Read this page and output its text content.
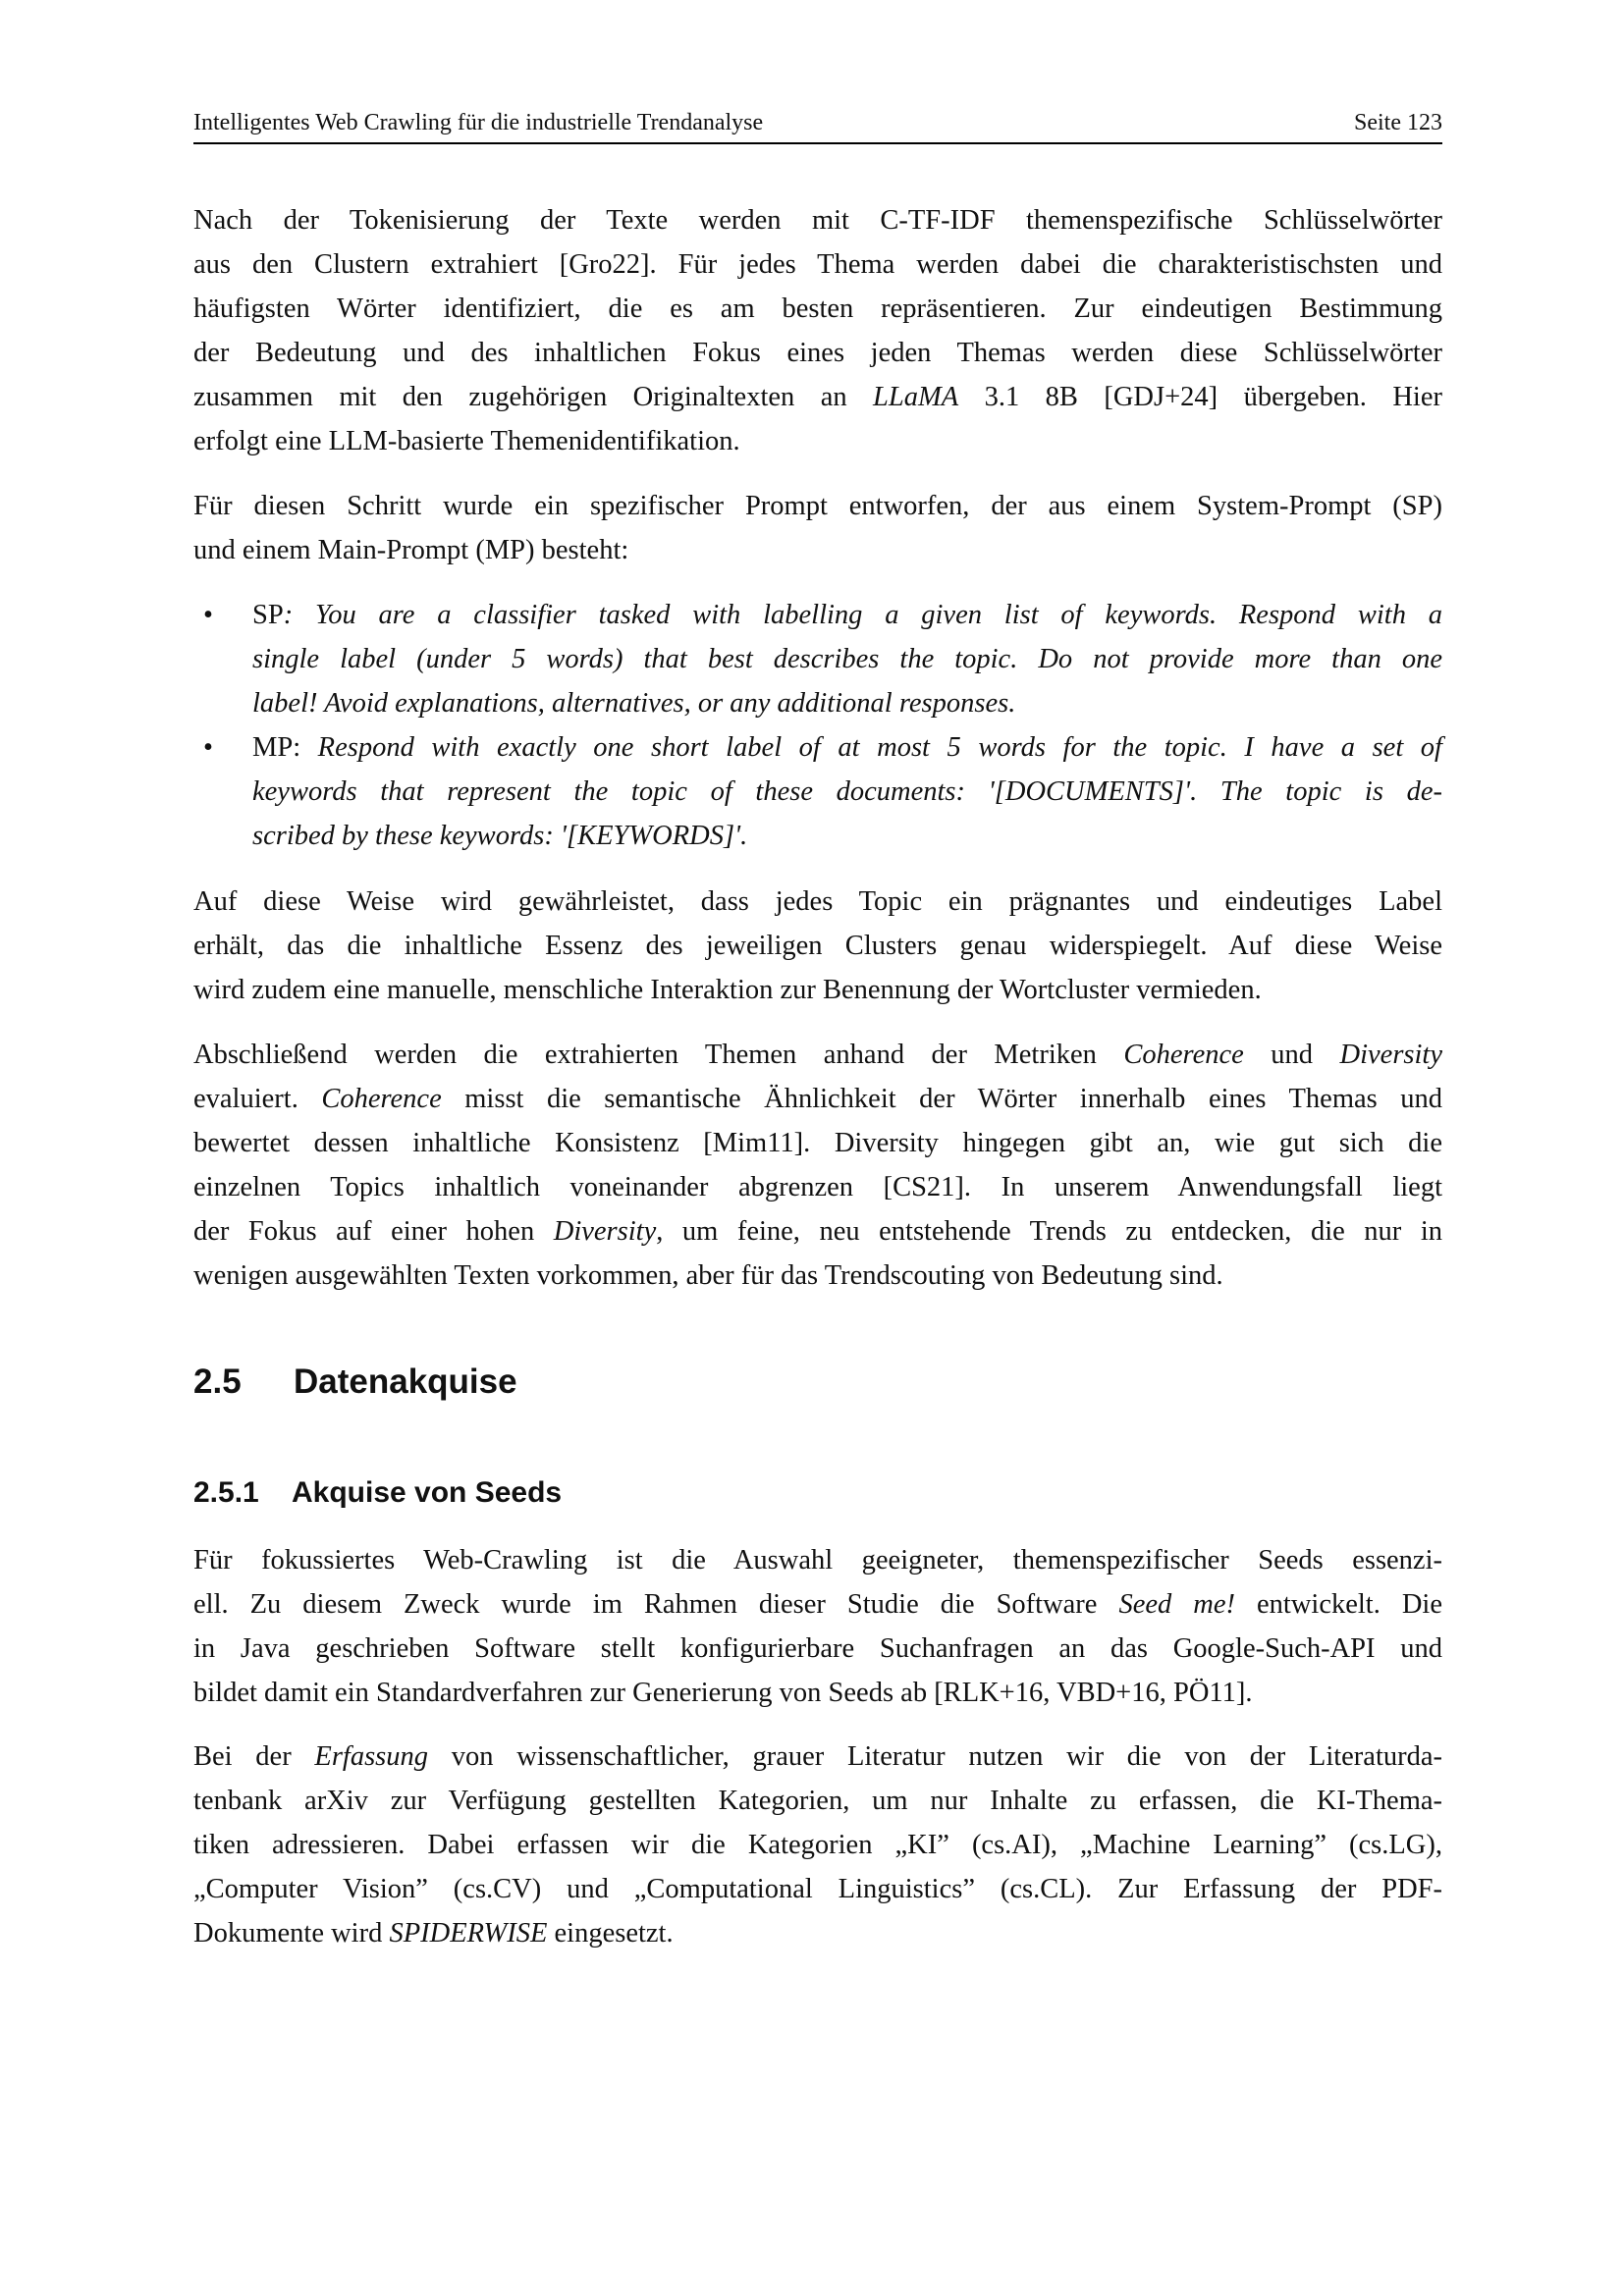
Intelligentes Web Crawling für die industrielle Trendanalyse	Seite 123
Nach der Tokenisierung der Texte werden mit C-TF-IDF themenspezifische Schlüsselwörter
aus den Clustern extrahiert [Gro22]. Für jedes Thema werden dabei die charakteristischsten und
häufigsten Wörter identifiziert, die es am besten repräsentieren. Zur eindeutigen Bestimmung
der Bedeutung und des inhaltlichen Fokus eines jeden Themas werden diese Schlüsselwörter
zusammen mit den zugehörigen Originaltexten an LLaMA 3.1 8B [GDJ+24] übergeben. Hier
erfolgt eine LLM-basierte Themenidentifikation.
Für diesen Schritt wurde ein spezifischer Prompt entworfen, der aus einem System-Prompt (SP)
und einem Main-Prompt (MP) besteht:
• SP: You are a classifier tasked with labelling a given list of keywords. Respond with a
single label (under 5 words) that best describes the topic. Do not provide more than one
label! Avoid explanations, alternatives, or any additional responses.
• MP: Respond with exactly one short label of at most 5 words for the topic. I have a set of
keywords that represent the topic of these documents: '[DOCUMENTS]'. The topic is de-
scribed by these keywords: '[KEYWORDS]'.
Auf diese Weise wird gewährleistet, dass jedes Topic ein prägnantes und eindeutiges Label
erhält, das die inhaltliche Essenz des jeweiligen Clusters genau widerspiegelt. Auf diese Weise
wird zudem eine manuelle, menschliche Interaktion zur Benennung der Wortcluster vermieden.
Abschließend werden die extrahierten Themen anhand der Metriken Coherence und Diversity
evaluiert. Coherence misst die semantische Ähnlichkeit der Wörter innerhalb eines Themas und
bewertet dessen inhaltliche Konsistenz [Mim11]. Diversity hingegen gibt an, wie gut sich die
einzelnen Topics inhaltlich voneinander abgrenzen [CS21]. In unserem Anwendungsfall liegt
der Fokus auf einer hohen Diversity, um feine, neu entstehende Trends zu entdecken, die nur in
wenigen ausgewählten Texten vorkommen, aber für das Trendscouting von Bedeutung sind.
2.5 Datenakquise
2.5.1 Akquise von Seeds
Für fokussiertes Web-Crawling ist die Auswahl geeigneter, themenspezifischer Seeds essenzi-
ell. Zu diesem Zweck wurde im Rahmen dieser Studie die Software Seed me! entwickelt. Die
in Java geschrieben Software stellt konfigurierbare Suchanfragen an das Google-Such-API und
bildet damit ein Standardverfahren zur Generierung von Seeds ab [RLK+16, VBD+16, PÖ11].
Bei der Erfassung von wissenschaftlicher, grauer Literatur nutzen wir die von der Literaturda-
tenbank arXiv zur Verfügung gestellten Kategorien, um nur Inhalte zu erfassen, die KI-Thema-
tiken adressieren. Dabei erfassen wir die Kategorien „KI” (cs.AI), „Machine Learning” (cs.LG),
„Computer Vision” (cs.CV) und „Computational Linguistics” (cs.CL). Zur Erfassung der PDF-
Dokumente wird SPIDERWISE eingesetzt.
